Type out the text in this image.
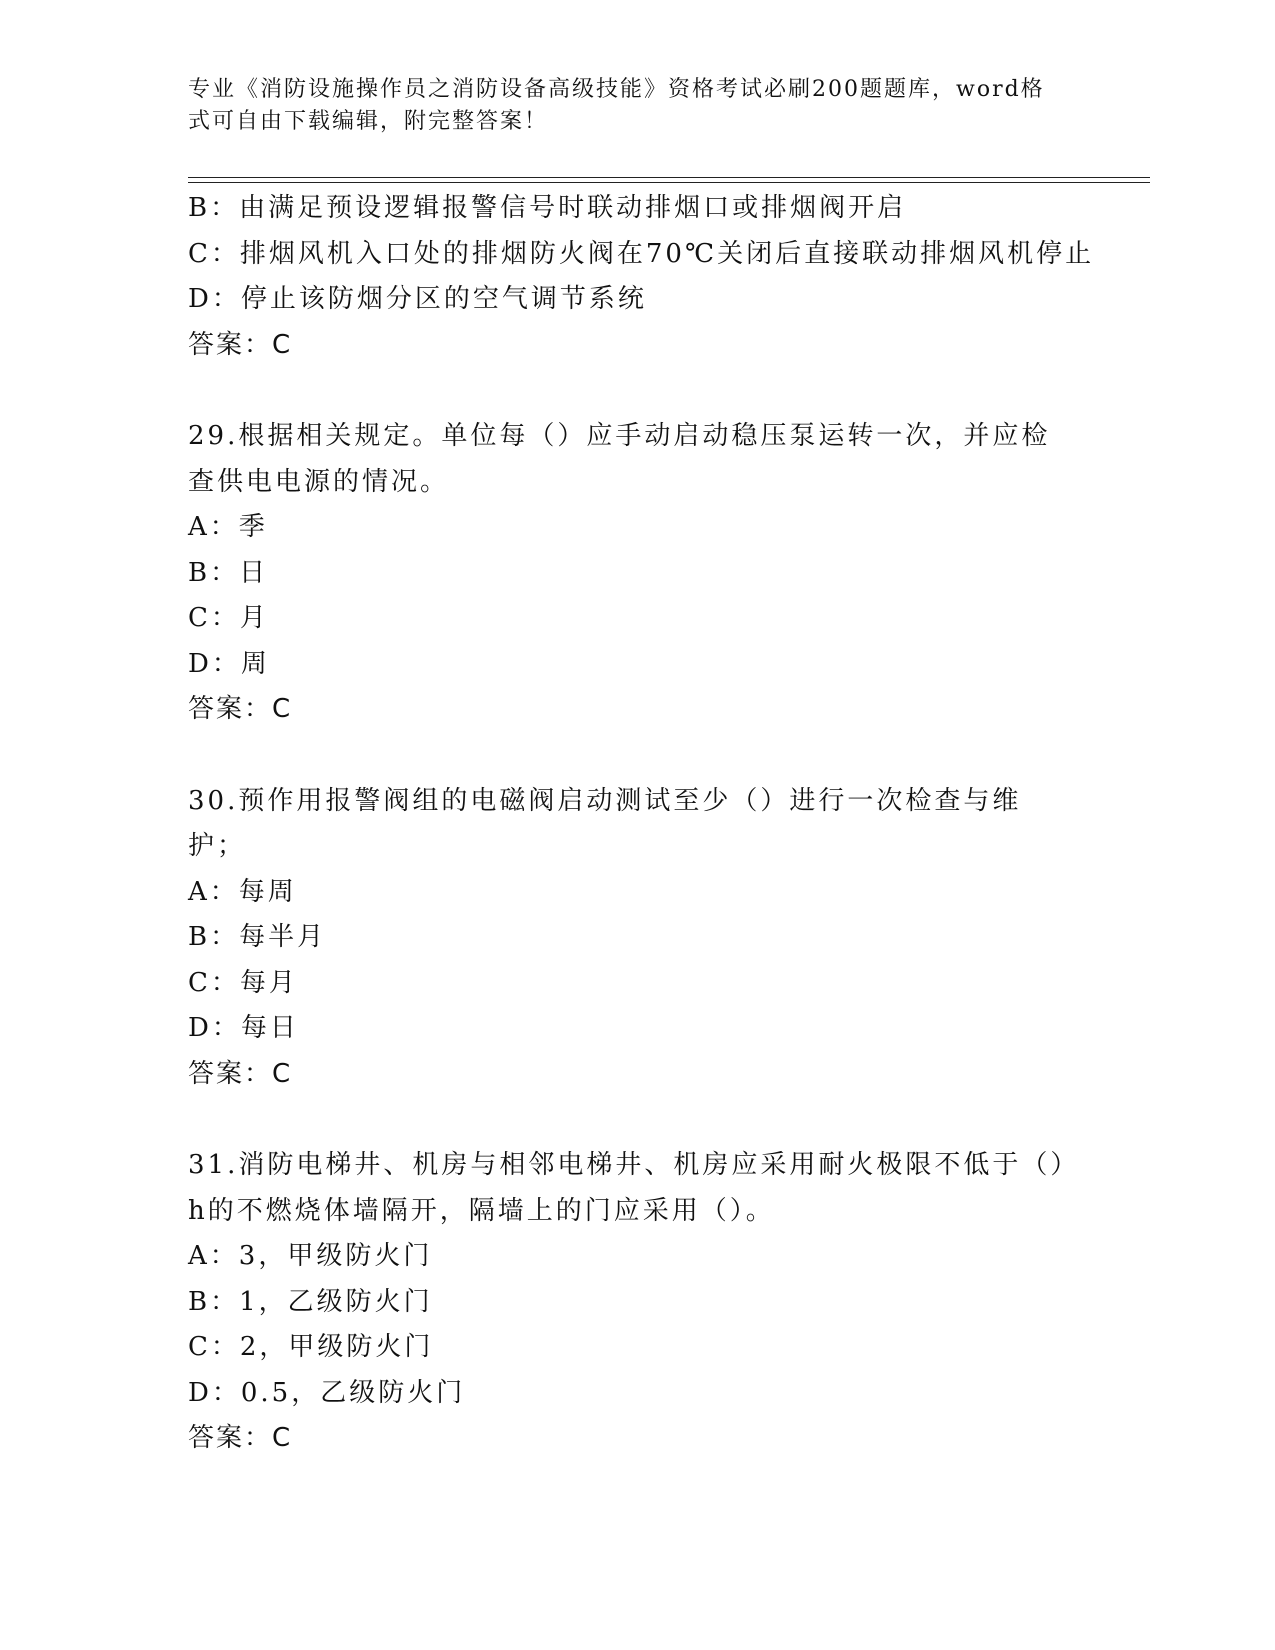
专业《消防设施操作员之消防设备高级技能》资格考试必刷200题题库，word格式可自由下载编辑，附完整答案！
B：由满足预设逻辑报警信号时联动排烟口或排烟阀开启
C：排烟风机入口处的排烟防火阀在70℃关闭后直接联动排烟风机停止
D：停止该防烟分区的空气调节系统
答案：C
29.根据相关规定。单位每（）应手动启动稳压泵运转一次，并应检查供电电源的情况。
A：季
B：日
C：月
D：周
答案：C
30.预作用报警阀组的电磁阀启动测试至少（）进行一次检查与维护；
A：每周
B：每半月
C：每月
D：每日
答案：C
31.消防电梯井、机房与相邻电梯井、机房应采用耐火极限不低于（）h的不燃烧体墙隔开，隔墙上的门应采用（）。
A：3，甲级防火门
B：1，乙级防火门
C：2，甲级防火门
D：0.5，乙级防火门
答案：C
